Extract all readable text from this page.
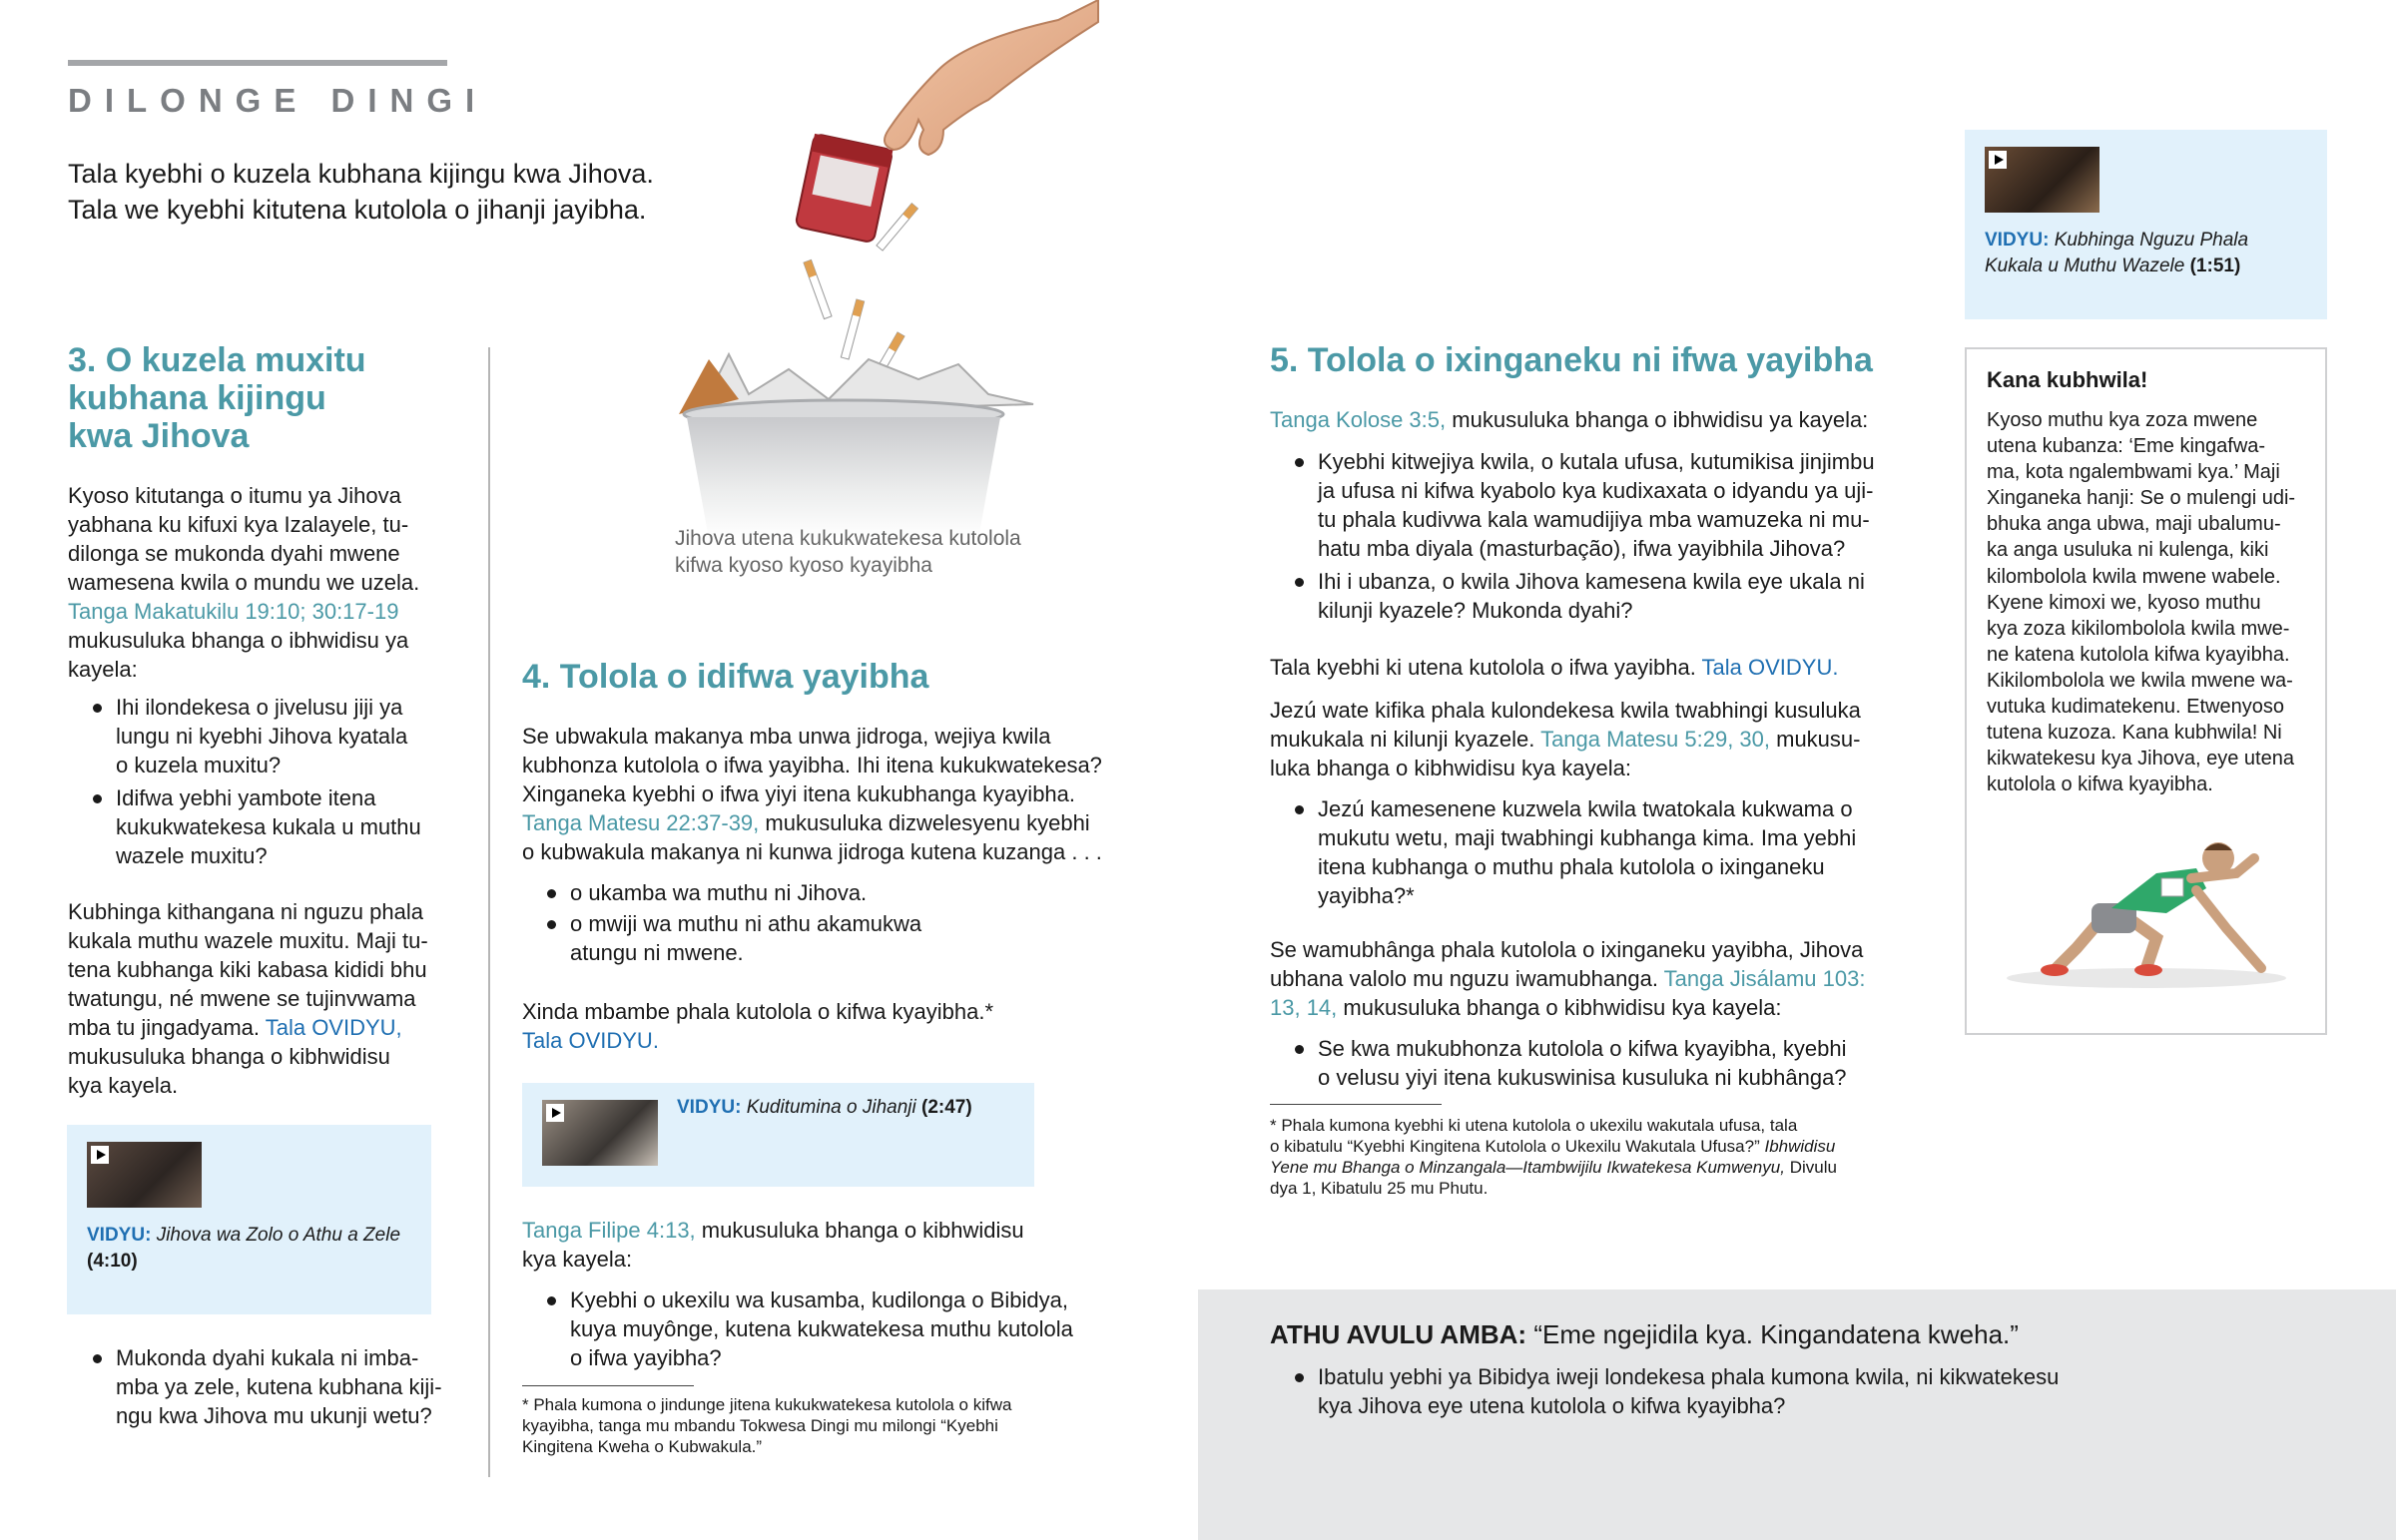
DILONGE DINGI
Tala kyebhi o kuzela kubhana kijingu kwa Jihova.
Tala we kyebhi kitutena kutolola o jihanji jayibha.
Jihova utena kukukwatekesa kutolola
kifwa kyoso kyoso kyayibha
3. O kuzela muxitu
kubhana kijingu
kwa Jihova
Kyoso kitutanga o itumu ya Jihova
yabhana ku kifuxi kya Izalayele, tu-
dilonga se mukonda dyahi mwene
wamesena kwila o mundu we uzela.
Tanga Makatukilu 19:10; 30:17-19
mukusuluka bhanga o ibhwidisu ya
kayela:
Ihi ilondekesa o jivelusu jiji ya
lungu ni kyebhi Jihova kyatala
o kuzela muxitu?
Idifwa yebhi yambote itena
kukukwatekesa kukala u muthu
wazele muxitu?
Kubhinga kithangana ni nguzu phala
kukala muthu wazele muxitu. Maji tu-
tena kubhanga kiki kabasa kididi bhu
twatungu, né mwene se tujinvwama
mba tu jingadyama. Tala OVIDYU,
mukusuluka bhanga o kibhwidisu
kya kayela.
VIDYU: Jihova wa Zolo o Athu a Zele
(4:10)
Mukonda dyahi kukala ni imba-
mba ya zele, kutena kubhana kiji-
ngu kwa Jihova mu ukunji wetu?
4. Tolola o idifwa yayibha
Se ubwakula makanya mba unwa jidroga, wejiya kwila
kubhonza kutolola o ifwa yayibha. Ihi itena kukukwatekesa?
Xinganeka kyebhi o ifwa yiyi itena kukubhanga kyayibha.
Tanga Matesu 22:37-39, mukusuluka dizwelesyenu kyebhi
o kubwakula makanya ni kunwa jidroga kutena kuzanga . . .
o ukamba wa muthu ni Jihova.
o mwiji wa muthu ni athu akamukwa
atungu ni mwene.
Xinda mbambe phala kutolola o kifwa kyayibha.*
Tala OVIDYU.
VIDYU: Kuditumina o Jihanji (2:47)
Tanga Filipe 4:13, mukusuluka bhanga o kibhwidisu
kya kayela:
Kyebhi o ukexilu wa kusamba, kudilonga o Bibidya,
kuya muyônge, kutena kukwatekesa muthu kutolola
o ifwa yayibha?
* Phala kumona o jindunge jitena kukukwatekesa kutolola o kifwa
kyayibha, tanga mu mbandu Tokwesa Dingi mu milongi “Kyebhi
Kingitena Kweha o Kubwakula.”
5. Tolola o ixinganeku ni ifwa yayibha
Tanga Kolose 3:5, mukusuluka bhanga o ibhwidisu ya kayela:
Kyebhi kitwejiya kwila, o kutala ufusa, kutumikisa jinjimbu
ja ufusa ni kifwa kyabolo kya kudixaxata o idyandu ya uji-
tu phala kudivwa kala wamudijiya mba wamuzeka ni mu-
hatu mba diyala (masturbação), ifwa yayibhila Jihova?
Ihi i ubanza, o kwila Jihova kamesena kwila eye ukala ni
kilunji kyazele? Mukonda dyahi?
Tala kyebhi ki utena kutolola o ifwa yayibha. Tala OVIDYU.
Jezú wate kifika phala kulondekesa kwila twabhingi kusuluka
mukukala ni kilunji kyazele. Tanga Matesu 5:29, 30, mukusu-
luka bhanga o kibhwidisu kya kayela:
Jezú kamesenene kuzwela kwila twatokala kukwama o
mukutu wetu, maji twabhingi kubhanga kima. Ima yebhi
itena kubhanga o muthu phala kutolola o ixinganeku
yayibha?*
Se wamubhânga phala kutolola o ixinganeku yayibha, Jihova
ubhana valolo mu nguzu iwamubhanga. Tanga Jisálamu 103:
13, 14, mukusuluka bhanga o kibhwidisu kya kayela:
Se kwa mukubhonza kutolola o kifwa kyayibha, kyebhi
o velusu yiyi itena kukuswinisa kusuluka ni kubhânga?
* Phala kumona kyebhi ki utena kutolola o ukexilu wakutala ufusa, tala
o kibatulu “Kyebhi Kingitena Kutolola o Ukexilu Wakutala Ufusa?” Ibhwidisu
Yene mu Bhanga o Minzangala—Itambwijilu Ikwatekesa Kumwenyu, Divulu
dya 1, Kibatulu 25 mu Phutu.
VIDYU: Kubhinga Nguzu Phala
Kukala u Muthu Wazele (1:51)
Kana kubhwila!
Kyoso muthu kya zoza mwene
utena kubanza: ‘Eme kingafwa-
ma, kota ngalembwami kya.’ Maji
Xinganeka hanji: Se o mulengi udi-
bhuka anga ubwa, maji ubalumu-
ka anga usuluka ni kulenga, kiki
kilombolola kwila mwene wabele.
Kyene kimoxi we, kyoso muthu
kya zoza kikilombolola kwila mwe-
ne katena kutolola kifwa kyayibha.
Kikilombolola we kwila mwene wa-
vutuka kudimatekenu. Etwenyoso
tutena kuzoza. Kana kubhwila! Ni
kikwatekesu kya Jihova, eye utena
kutolola o kifwa kyayibha.
ATHU AVULU AMBA: “Eme ngejidila kya. Kingandatena kweha.”
Ibatulu yebhi ya Bibidya iweji londekesa phala kumona kwila, ni kikwatekesu
kya Jihova eye utena kutolola o kifwa kyayibha?
